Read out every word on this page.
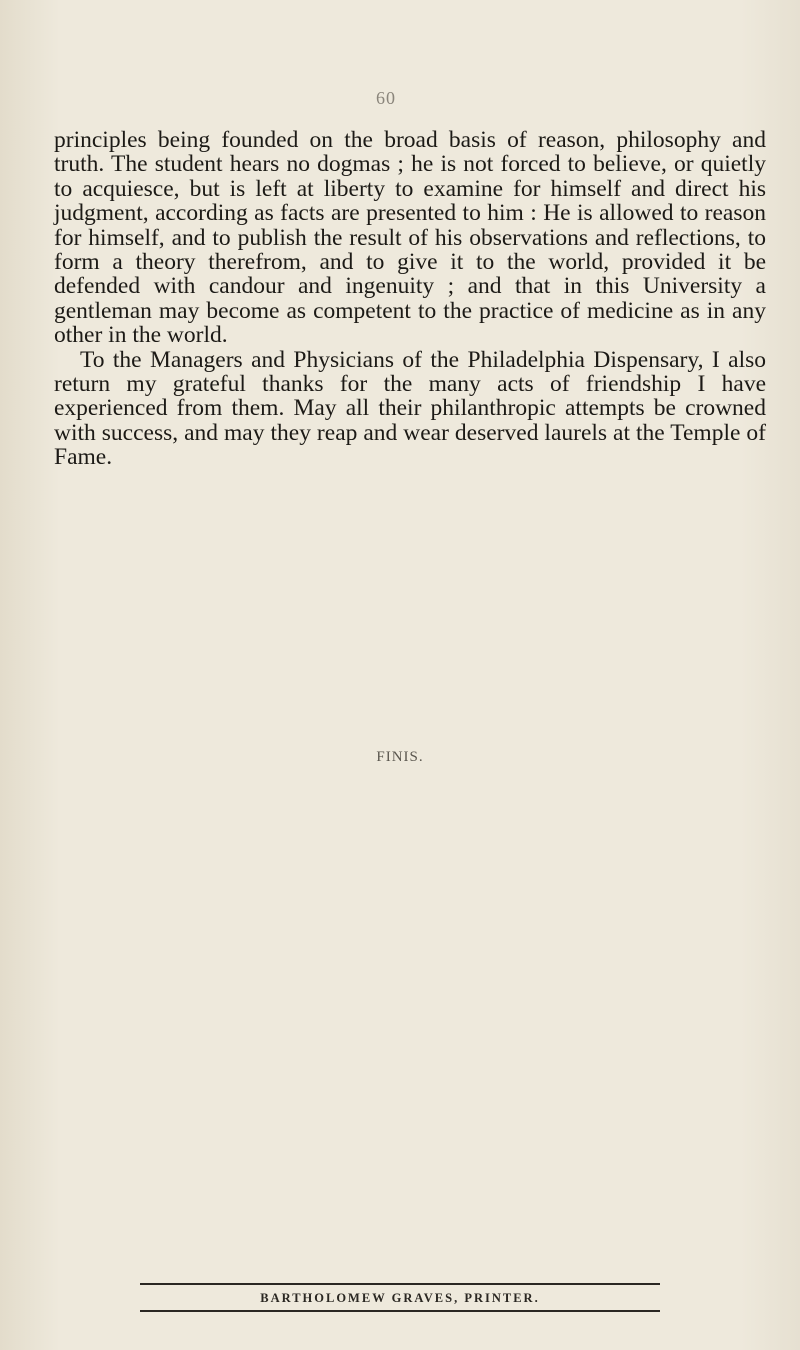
60

principles being founded on the broad basis of reason, philosophy and truth. The student hears no dogmas ; he is not forced to believe, or quietly to acquiesce, but is left at liberty to examine for himself and direct his judgment, according as facts are presented to him : He is allowed to reason for himself, and to publish the result of his observations and reflections, to form a theory therefrom, and to give it to the world, provided it be defended with candour and ingenuity ; and that in this University a gentleman may become as competent to the practice of medicine as in any other in the world.

To the Managers and Physicians of the Philadelphia Dispensary, I also return my grateful thanks for the many acts of friendship I have experienced from them. May all their philanthropic attempts be crowned with success, and may they reap and wear deserved laurels at the Temple of Fame.

FINIS.
BARTHOLOMEW GRAVES, PRINTER.
